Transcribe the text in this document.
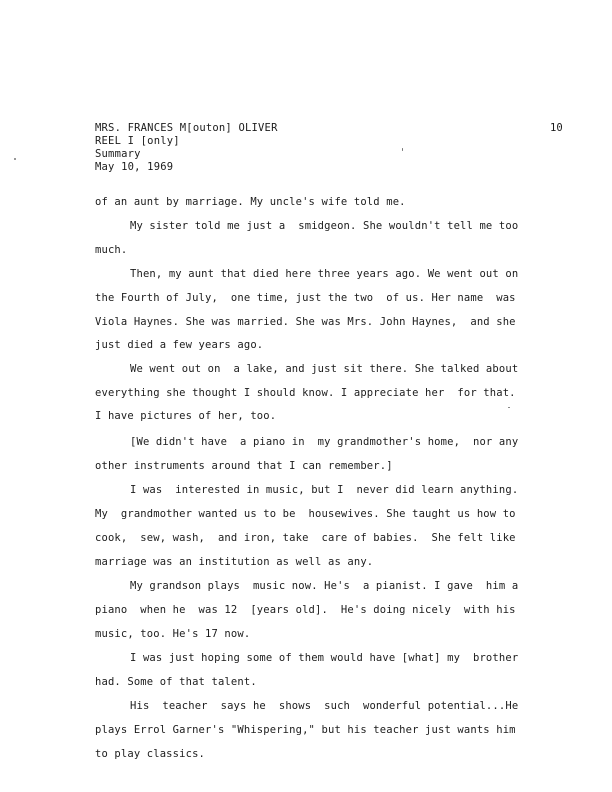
MRS. FRANCES M[outon] OLIVER
REEL I [only]
Summary
May 10, 1969
10
of an aunt by marriage. My uncle's wife told me.
My sister told me just a  smidgeon. She wouldn't tell me too
much.
Then, my aunt that died here three years ago. We went out on
the Fourth of July,  one time, just the two  of us. Her name  was
Viola Haynes. She was married. She was Mrs. John Haynes,  and she
just died a few years ago.
We went out on  a lake, and just sit there. She talked about
everything she thought I should know. I appreciate her  for that.
I have pictures of her, too.
[We didn't have  a piano in  my grandmother's home,  nor any
other instruments around that I can remember.]
I was  interested in music, but I  never did learn anything.
My  grandmother wanted us to be  housewives. She taught us how to
cook,  sew, wash,  and iron, take  care of babies.  She felt like
marriage was an institution as well as any.
My grandson plays  music now. He's  a pianist. I gave  him a
piano  when he  was 12  [years old].  He's doing nicely  with his
music, too. He's 17 now.
I was just hoping some of them would have [what] my  brother
had. Some of that talent.
His  teacher  says he  shows  such  wonderful potential...He
plays Errol Garner's "Whispering," but his teacher just wants him
to play classics.
